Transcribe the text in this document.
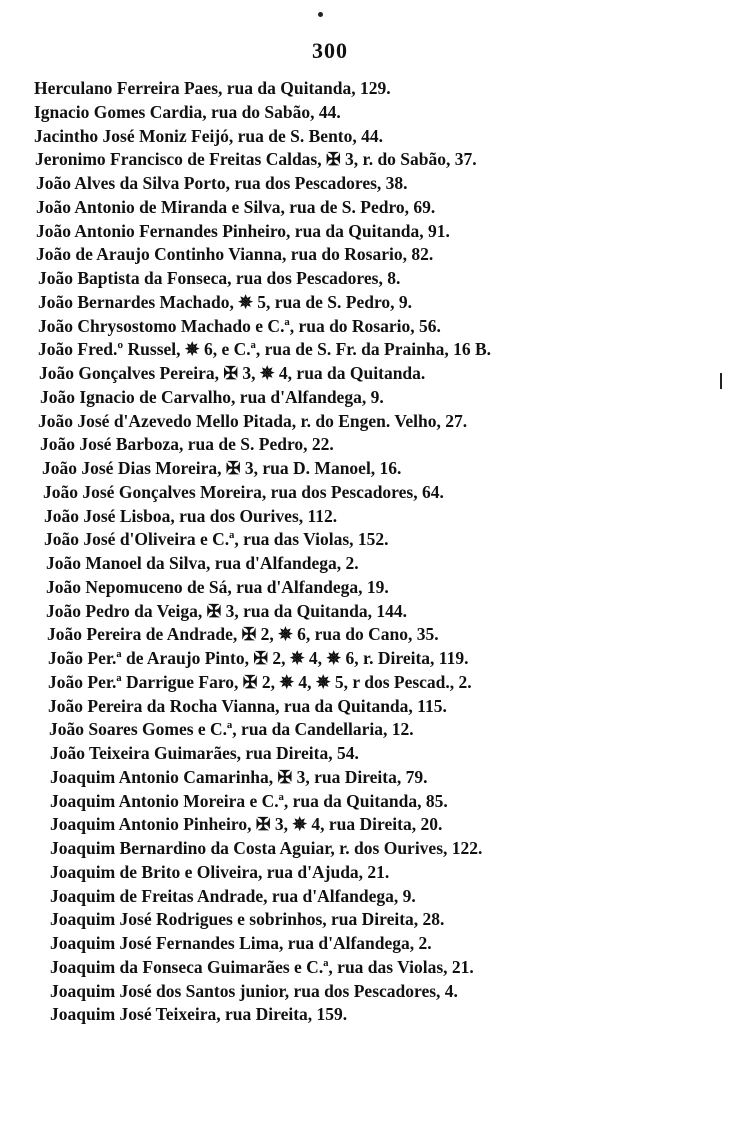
300
Herculano Ferreira Paes, rua da Quitanda, 129.
Ignacio Gomes Cardia, rua do Sabão, 44.
Jacintho José Moniz Feijó, rua de S. Bento, 44.
Jeronimo Francisco de Freitas Caldas, ✠ 3, r. do Sabão, 37.
João Alves da Silva Porto, rua dos Pescadores, 38.
João Antonio de Miranda e Silva, rua de S. Pedro, 69.
João Antonio Fernandes Pinheiro, rua da Quitanda, 91.
João de Araujo Continho Vianna, rua do Rosario, 82.
João Baptista da Fonseca, rua dos Pescadores, 8.
João Bernardes Machado, ✵ 5, rua de S. Pedro, 9.
João Chrysostomo Machado e C.ª, rua do Rosario, 56.
João Fred.º Russel, ✵ 6, e C.ª, rua de S. Fr. da Prainha, 16 B.
João Gonçalves Pereira, ✠ 3, ✵ 4, rua da Quitanda.
João Ignacio de Carvalho, rua d'Alfandega, 9.
João José d'Azevedo Mello Pitada, r. do Engen. Velho, 27.
João José Barboza, rua de S. Pedro, 22.
João José Dias Moreira, ✠ 3, rua D. Manoel, 16.
João José Gonçalves Moreira, rua dos Pescadores, 64.
João José Lisboa, rua dos Ourives, 112.
João José d'Oliveira e C.ª, rua das Violas, 152.
João Manoel da Silva, rua d'Alfandega, 2.
João Nepomuceno de Sá, rua d'Alfandega, 19.
João Pedro da Veiga, ✠ 3, rua da Quitanda, 144.
João Pereira de Andrade, ✠ 2, ✵ 6, rua do Cano, 35.
João Per.ª de Araujo Pinto, ✠ 2, ✵ 4, ✵ 6, r. Direita, 119.
João Per.ª Darrigue Faro, ✠ 2, ✵ 4, ✵ 5, r dos Pescad., 2.
João Pereira da Rocha Vianna, rua da Quitanda, 115.
João Soares Gomes e C.ª, rua da Candellaria, 12.
João Teixeira Guimarães, rua Direita, 54.
Joaquim Antonio Camarinha, ✠ 3, rua Direita, 79.
Joaquim Antonio Moreira e C.ª, rua da Quitanda, 85.
Joaquim Antonio Pinheiro, ✠ 3, ✵ 4, rua Direita, 20.
Joaquim Bernardino da Costa Aguiar, r. dos Ourives, 122.
Joaquim de Brito e Oliveira, rua d'Ajuda, 21.
Joaquim de Freitas Andrade, rua d'Alfandega, 9.
Joaquim José Rodrigues e sobrinhos, rua Direita, 28.
Joaquim José Fernandes Lima, rua d'Alfandega, 2.
Joaquim da Fonseca Guimarães e C.ª, rua das Violas, 21.
Joaquim José dos Santos junior, rua dos Pescadores, 4.
Joaquim José Teixeira, rua Direita, 159.
